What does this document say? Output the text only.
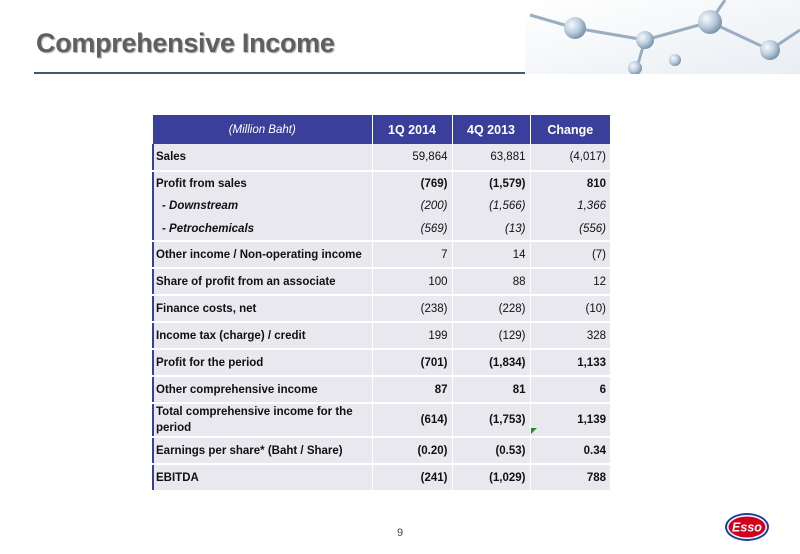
Comprehensive Income
(Million Baht)	1Q 2014	4Q 2013	Change
Sales	59,864	63,881	(4,017)
Profit from sales	(769)	(1,579)	810
- Downstream	(200)	(1,566)	1,366
- Petrochemicals	(569)	(13)	(556)
Other income / Non-operating income	7	14	(7)
Share of profit from an associate	100	88	12
Finance costs, net	(238)	(228)	(10)
Income tax (charge) / credit	199	(129)	328
Profit for the period	(701)	(1,834)	1,133
Other comprehensive income	87	81	6
Total comprehensive income for the period	(614)	(1,753)	1,139
Earnings per share* (Baht / Share)	(0.20)	(0.53)	0.34
EBITDA	(241)	(1,029)	788
9	Esso
